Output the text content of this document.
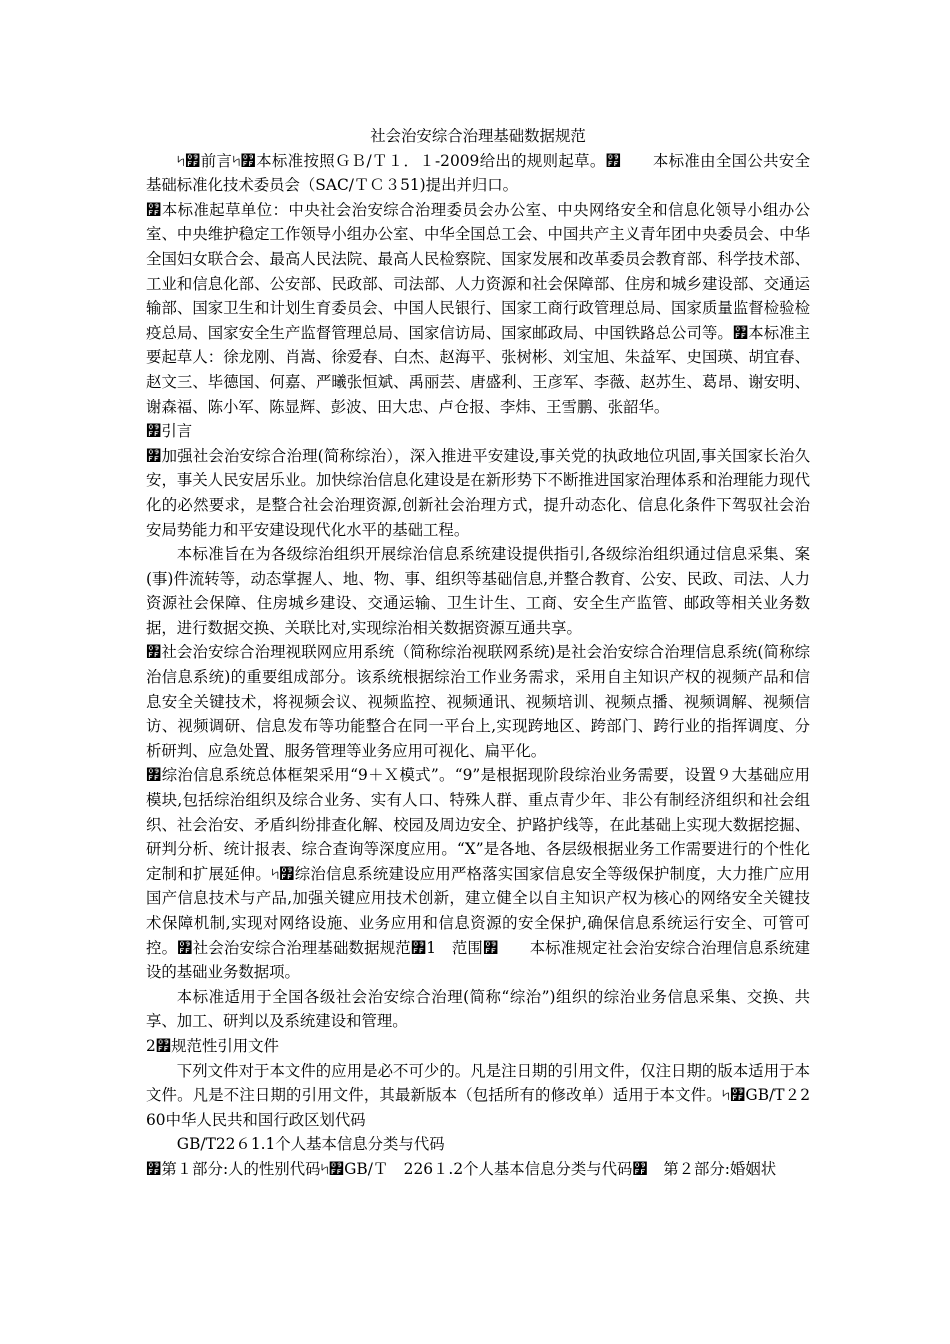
社会治安综合治理基础数据规范

৸৿前言৸৿本标准按照ＧＢ/Ｔ１．１-2009给出的规则起草。৿　　本标准由全国公共安全基础标准化技术委员会（SAC/ＴＣ３51)提出并归口。

৿本标准起草单位：中央社会治安综合治理委员会办公室、中央网络安全和信息化领导小组办公室、中央维护稳定工作领导小组办公室、中华全国总工会、中国共产主义青年团中央委员会、中华全国妇女联合会、最高人民法院、最高人民检察院、国家发展和改革委员会教育部、科学技术部、工业和信息化部、公安部、民政部、司法部、人力资源和社会保障部、住房和城乡建设部、交通运输部、国家卫生和计划生育委员会、中国人民银行、国家工商行政管理总局、国家质量监督检验检疫总局、国家安全生产监督管理总局、国家信访局、国家邮政局、中国铁路总公司等。৿本标准主要起草人：徐龙刚、肖嵩、徐爱春、白杰、赵海平、张树彬、刘宝旭、朱益军、史国瑛、胡宜春、赵文三、毕德国、何嘉、严曦张恒斌、禹丽芸、唐盛利、王彦军、李薇、赵苏生、葛昂、谢安明、谢森福、陈小军、陈显辉、彭波、田大忠、卢仓报、李炜、王雪鹏、张韶华。

৿引言

৿加强社会治安综合治理(简称综治），深入推进平安建设,事关党的执政地位巩固,事关国家长治久安，事关人民安居乐业。加快综治信息化建设是在新形势下不断推进国家治理体系和治理能力现代化的必然要求，是整合社会治理资源,创新社会治理方式，提升动态化、信息化条件下驾驭社会治安局势能力和平安建设现代化水平的基础工程。

本标准旨在为各级综治组织开展综治信息系统建设提供指引,各级综治组织通过信息采集、案(事)件流转等，动态掌握人、地、物、事、组织等基础信息,并整合教育、公安、民政、司法、人力资源社会保障、住房城乡建设、交通运输、卫生计生、工商、安全生产监管、邮政等相关业务数据，进行数据交换、关联比对,实现综治相关数据资源互通共享。

৿社会治安综合治理视联网应用系统（简称综治视联网系统)是社会治安综合治理信息系统(简称综治信息系统)的重要组成部分。该系统根据综治工作业务需求，采用自主知识产权的视频产品和信息安全关键技术，将视频会议、视频监控、视频通讯、视频培训、视频点播、视频调解、视频信访、视频调研、信息发布等功能整合在同一平台上,实现跨地区、跨部门、跨行业的指挥调度、分析研判、应急处置、服务管理等业务应用可视化、扁平化。

৿综治信息系统总体框架采用“9＋Ｘ模式”。“9”是根据现阶段综治业务需要，设置９大基础应用模块,包括综治组织及综合业务、实有人口、特殊人群、重点青少年、非公有制经济组织和社会组织、社会治安、矛盾纠纷排查化解、校园及周边安全、护路护线等，在此基础上实现大数据挖掘、研判分析、统计报表、综合查询等深度应用。“X”是各地、各层级根据业务工作需要进行的个性化定制和扩展延伸。৸৿综治信息系统建设应用严格落实国家信息安全等级保护制度，大力推广应用国产信息技术与产品,加强关键应用技术创新，建立健全以自主知识产权为核心的网络安全关键技术保障机制,实现对网络设施、业务应用和信息资源的安全保护,确保信息系统运行安全、可管可控。৿社会治安综合治理基础数据规范৿1　范围৿　　本标准规定社会治安综合治理信息系统建设的基础业务数据项。

本标准适用于全国各级社会治安综合治理(简称“综治”)组织的综治业务信息采集、交换、共享、加工、研判以及系统建设和管理。

2৿规范性引用文件

下列文件对于本文件的应用是必不可少的。凡是注日期的引用文件，仅注日期的版本适用于本文件。凡是不注日期的引用文件，其最新版本（包括所有的修改单）适用于本文件。৸৿GB/T２260中华人民共和国行政区划代码

GB/T22６1.1个人基本信息分类与代码

৿第１部分:人的性别代码৸৿GB/Ｔ　226１.2个人基本信息分类与代码৿　第２部分:婚姻状
